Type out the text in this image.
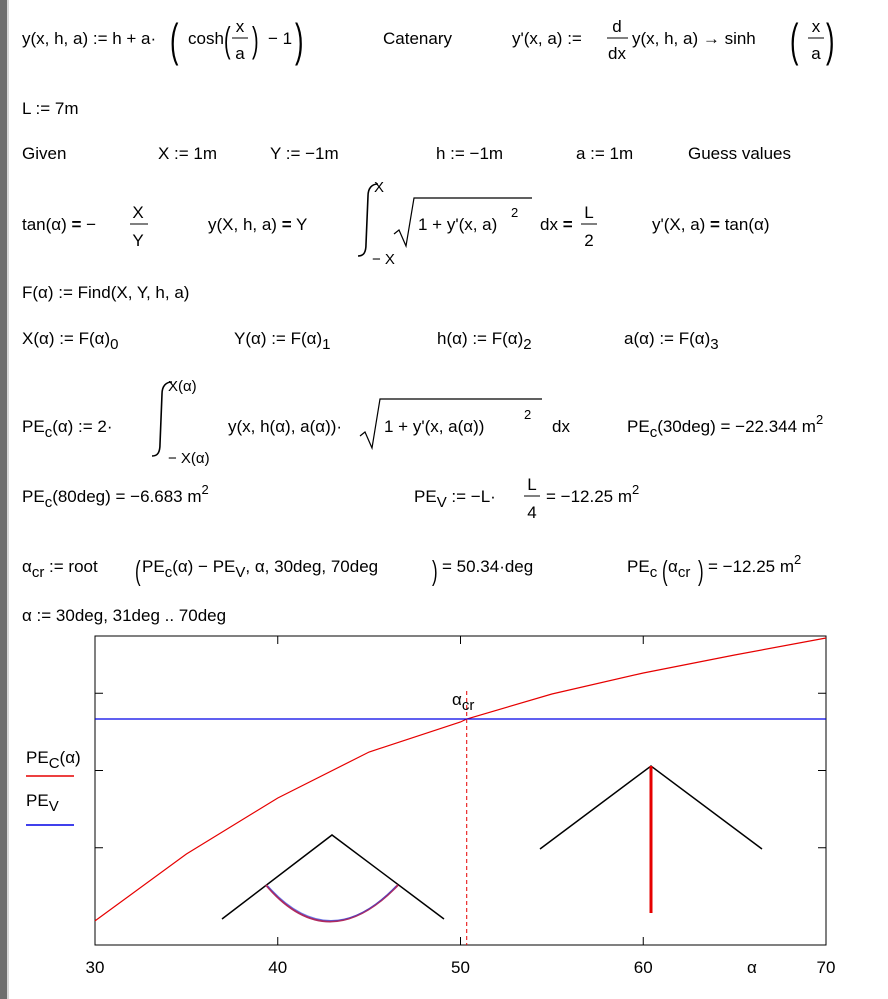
y(x, h, a) := h + a· ( cosh ( x
a ) − 1 )	Catenary	y'(x, a) :=
d
dx
y(x, h, a) → sinh ( x
a )
L := 7m
Given	X := 1m	Y := −1m	h := −1m	a := 1m	Guess values
tan(α) = −
X
Y
y(X, h, a) = Y
X
− X
1 + y'(x, a)
2
dx =
L
2
y'(X, a) = tan(α)
F(α) := Find(X, Y, h, a)
X(α) := F(α)0	Y(α) := F(α)1	h(α) := F(α)2	a(α) := F(α)3
PEc(α) := 2·
X(α)
− X(α)
y(x, h(α), a(α))· 1 + y'(x, a(α))
2
dx	PEc(30deg) = −22.344 $m^2$
PEc(80deg) = −6.683 $m^2$	PEV := −L·
L
4
= −12.25 $m^2$
αcr := root ( PEc(α) − PEV, α, 30deg, 70deg ) = 50.34·deg	PEc ( αcr ) = −12.25 $m^2$
α := 30deg, 31deg .. 70deg
30	40	50	60	70
αcr
PEC(α)
PEV
α
